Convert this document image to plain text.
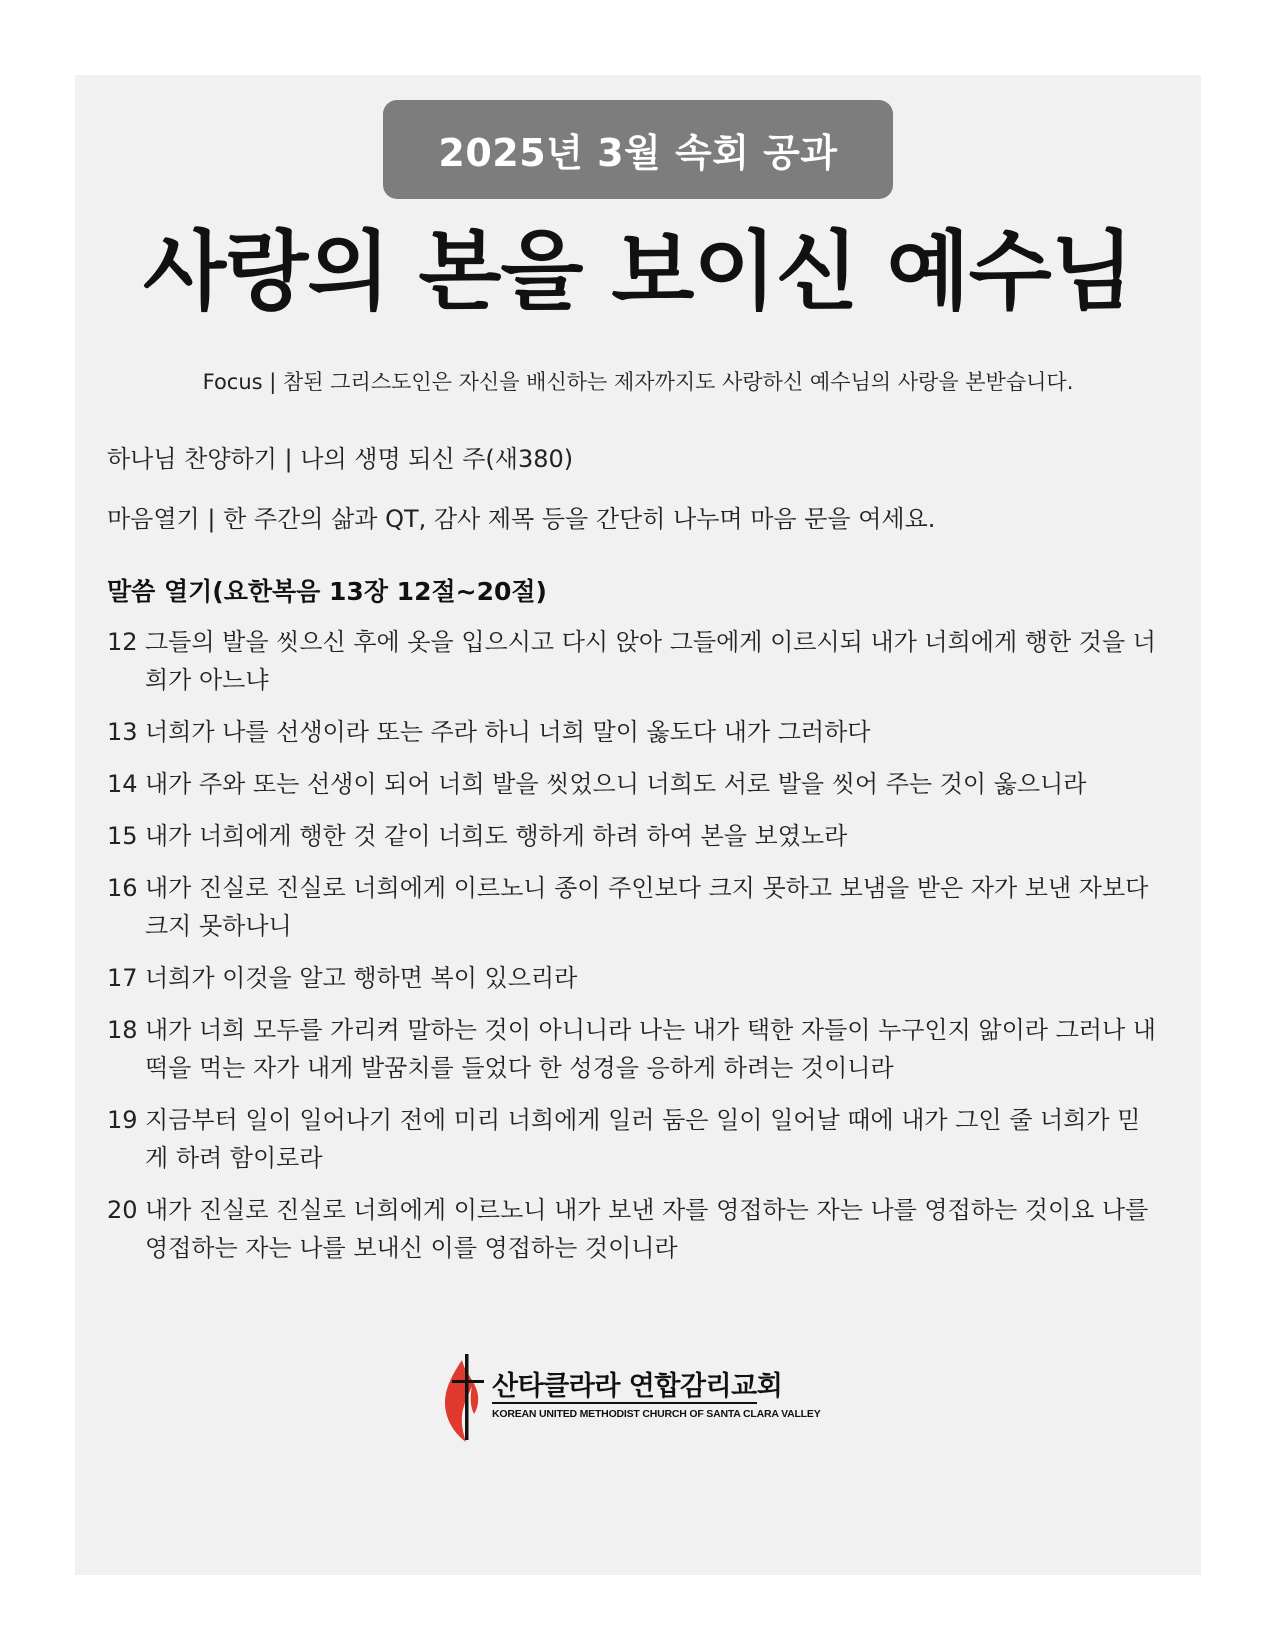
2025년 3월 속회 공과
사랑의 본을 보이신 예수님
Focus | 참된 그리스도인은 자신을 배신하는 제자까지도 사랑하신 예수님의 사랑을 본받습니다.
하나님 찬양하기 | 나의 생명 되신 주(새380)
마음열기 | 한 주간의 삶과 QT, 감사 제목 등을 간단히 나누며 마음 문을 여세요.
말씀 열기(요한복음 13장 12절~20절)
12 그들의 발을 씻으신 후에 옷을 입으시고 다시 앉아 그들에게 이르시되 내가 너희에게 행한 것을 너희가 아느냐
13 너희가 나를 선생이라 또는 주라 하니 너희 말이 옳도다 내가 그러하다
14 내가 주와 또는 선생이 되어 너희 발을 씻었으니 너희도 서로 발을 씻어 주는 것이 옳으니라
15 내가 너희에게 행한 것 같이 너희도 행하게 하려 하여 본을 보였노라
16 내가 진실로 진실로 너희에게 이르노니 종이 주인보다 크지 못하고 보냄을 받은 자가 보낸 자보다 크지 못하나니
17 너희가 이것을 알고 행하면 복이 있으리라
18 내가 너희 모두를 가리켜 말하는 것이 아니니라 나는 내가 택한 자들이 누구인지 앎이라 그러나 내 떡을 먹는 자가 내게 발꿈치를 들었다 한 성경을 응하게 하려는 것이니라
19 지금부터 일이 일어나기 전에 미리 너희에게 일러 둠은 일이 일어날 때에 내가 그인 줄 너희가 믿게 하려 함이로라
20 내가 진실로 진실로 너희에게 이르노니 내가 보낸 자를 영접하는 자는 나를 영접하는 것이요 나를 영접하는 자는 나를 보내신 이를 영접하는 것이니라
산타클라라 연합감리교회
KOREAN UNITED METHODIST CHURCH OF SANTA CLARA VALLEY
